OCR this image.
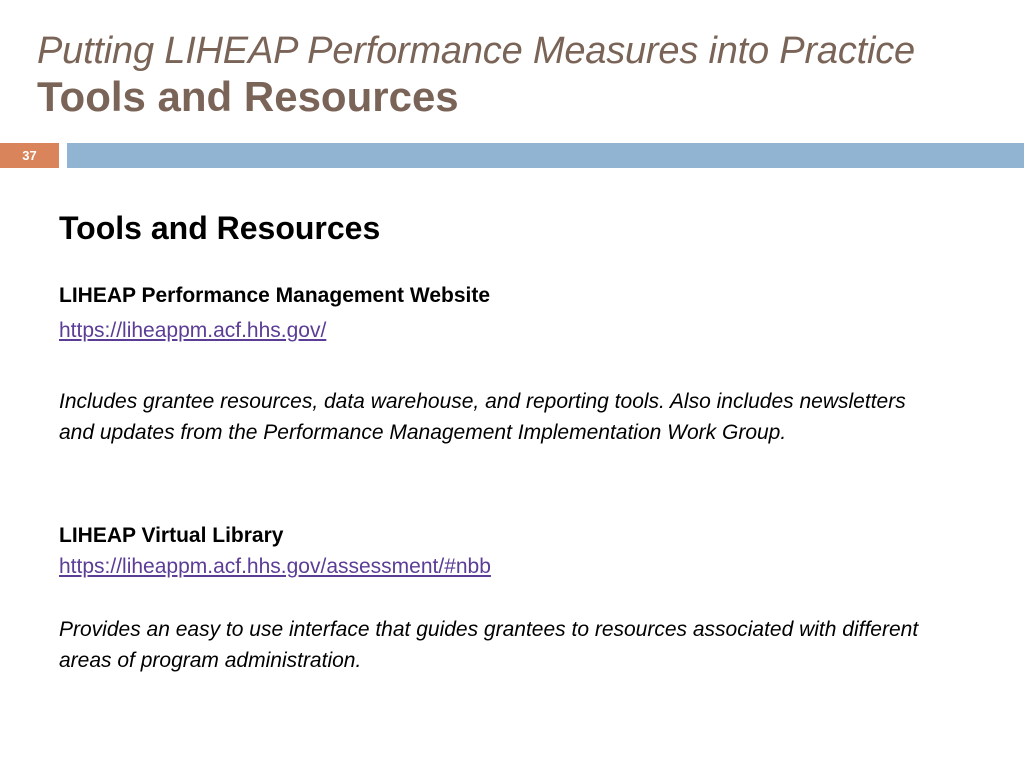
Putting LIHEAP Performance Measures into Practice
Tools and Resources
37
Tools and Resources
LIHEAP Performance Management Website
https://liheappm.acf.hhs.gov/
Includes grantee resources, data warehouse, and reporting tools. Also includes newsletters and updates from the Performance Management Implementation Work Group.
LIHEAP Virtual Library
https://liheappm.acf.hhs.gov/assessment/#nbb
Provides an easy to use interface that guides grantees to resources associated with different areas of program administration.
